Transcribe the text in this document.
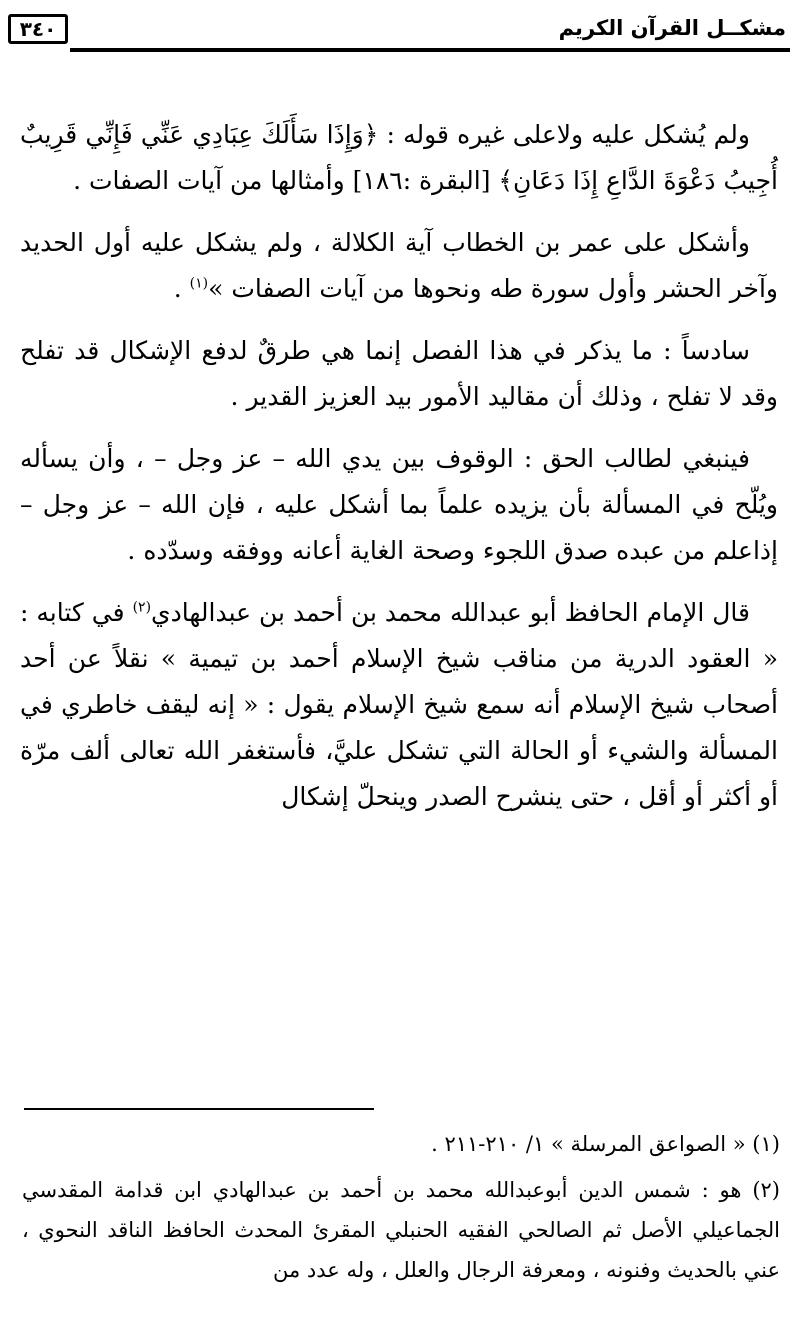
مشكــل القرآن الكريم
٣٤٠

ولم يُشكل عليه ولاعلى غيره قوله : ﴿وَإِذَا سَأَلَكَ عِبَادِي عَنِّي فَإِنِّي قَرِيبٌ أُجِيبُ دَعْوَةَ الدَّاعِ إِذَا دَعَانِ﴾ [البقرة :١٨٦] وأمثالها من آيات الصفات .

وأشكل على عمر بن الخطاب آية الكلالة ، ولم يشكل عليه أول الحديد وآخر الحشر وأول سورة طه ونحوها من آيات الصفات »$^{(١)}$ .

سادساً : ما يذكر في هذا الفصل إنما هي طرقٌ لدفع الإشكال قد تفلح وقد لا تفلح ، وذلك أن مقاليد الأمور بيد العزيز القدير .

فينبغي لطالب الحق : الوقوف بين يدي الله – عز وجل – ، وأن يسأله ويُلّح في المسألة بأن يزيده علماً بما أشكل عليه ، فإن الله – عز وجل – إذاعلم من عبده صدق اللجوء وصحة الغاية أعانه ووفقه وسدّده .

قال الإمام الحافظ أبو عبدالله محمد بن أحمد بن عبدالهادي$^{(٢)}$ في كتابه : « العقود الدرية من مناقب شيخ الإسلام أحمد بن تيمية » نقلاً عن أحد أصحاب شيخ الإسلام أنه سمع شيخ الإسلام يقول : « إنه ليقف خاطري في المسألة والشيء أو الحالة التي تشكل عليَّ، فأستغفر الله تعالى ألف مرّة أو أكثر أو أقل ، حتى ينشرح الصدر وينحلّ إشكال

(١) « الصواعق المرسلة » ١/ ٢١٠-٢١١ .

(٢) هو : شمس الدين أبوعبدالله محمد بن أحمد بن عبدالهادي ابن قدامة المقدسي الجماعيلي الأصل ثم الصالحي الفقيه الحنبلي المقرئ المحدث الحافظ الناقد النحوي ، عني بالحديث وفنونه ، ومعرفة الرجال والعلل ، وله عدد من
